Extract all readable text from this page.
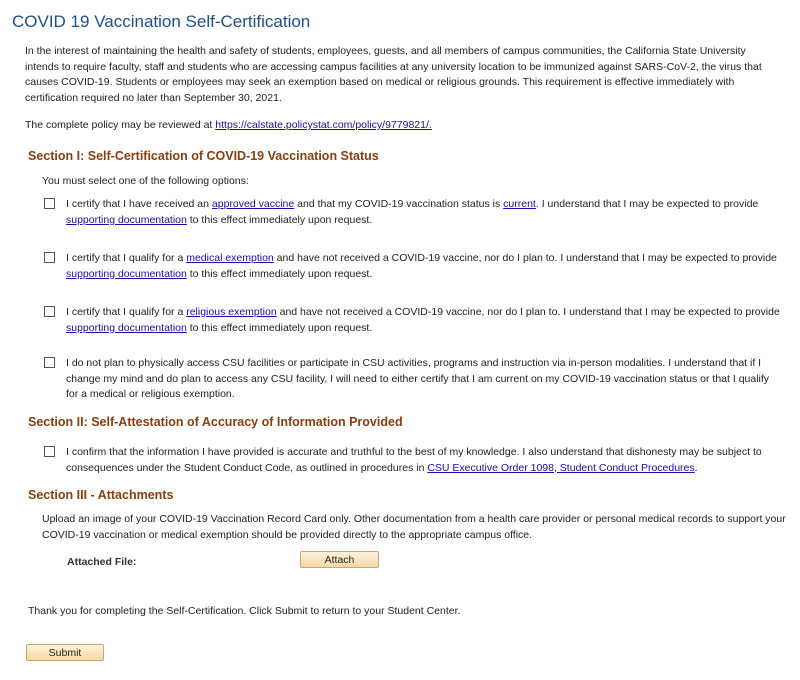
COVID 19 Vaccination Self-Certification

In the interest of maintaining the health and safety of students, employees, guests, and all members of campus communities, the California State University intends to require faculty, staff and students who are accessing campus facilities at any university location to be immunized against SARS-CoV-2, the virus that causes COVID-19. Students or employees may seek an exemption based on medical or religious grounds. This requirement is effective immediately with certification required no later than September 30, 2021.

The complete policy may be reviewed at https://calstate.policystat.com/policy/9779821/.

Section I: Self-Certification of COVID-19 Vaccination Status

You must select one of the following options:

I certify that I have received an approved vaccine and that my COVID-19 vaccination status is current. I understand that I may be expected to provide supporting documentation to this effect immediately upon request.
I certify that I qualify for a medical exemption and have not received a COVID-19 vaccine, nor do I plan to. I understand that I may be expected to provide supporting documentation to this effect immediately upon request.
I certify that I qualify for a religious exemption and have not received a COVID-19 vaccine, nor do I plan to. I understand that I may be expected to provide supporting documentation to this effect immediately upon request.
I do not plan to physically access CSU facilities or participate in CSU activities, programs and instruction via in-person modalities. I understand that if I change my mind and do plan to access any CSU facility, I will need to either certify that I am current on my COVID-19 vaccination status or that I qualify for a medical or religious exemption.
Section II: Self-Attestation of Accuracy of Information Provided
I confirm that the information I have provided is accurate and truthful to the best of my knowledge. I also understand that dishonesty may be subject to consequences under the Student Conduct Code, as outlined in procedures in CSU Executive Order 1098, Student Conduct Procedures.
Section III - Attachments

Upload an image of your COVID-19 Vaccination Record Card only. Other documentation from a health care provider or personal medical records to support your COVID-19 vaccination or medical exemption should be provided directly to the appropriate campus office.

Attached File:	Attach

Thank you for completing the Self-Certification. Click Submit to return to your Student Center.

Submit
